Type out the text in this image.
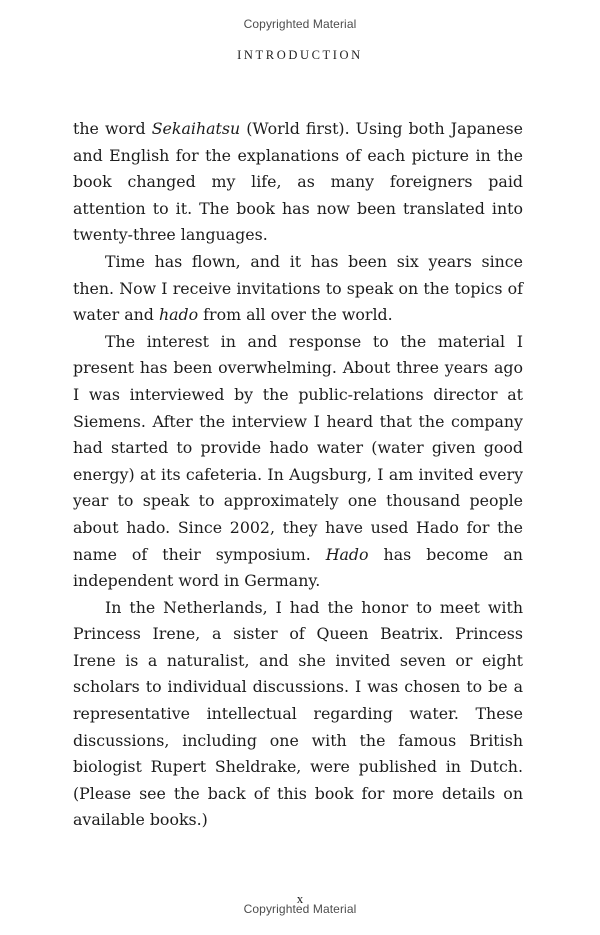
Copyrighted Material
INTRODUCTION

the word Sekaihatsu (World first). Using both Japanese and English for the explanations of each picture in the book changed my life, as many foreigners paid attention to it. The book has now been translated into twenty-three languages.

Time has flown, and it has been six years since then. Now I receive invitations to speak on the topics of water and hado from all over the world.

The interest in and response to the material I present has been overwhelming. About three years ago I was interviewed by the public-relations director at Siemens. After the interview I heard that the company had started to provide hado water (water given good energy) at its cafeteria. In Augsburg, I am invited every year to speak to approximately one thousand people about hado. Since 2002, they have used Hado for the name of their symposium. Hado has become an independent word in Germany.

In the Netherlands, I had the honor to meet with Princess Irene, a sister of Queen Beatrix. Princess Irene is a naturalist, and she invited seven or eight scholars to individual discussions. I was chosen to be a representative intellectual regarding water. These discussions, including one with the famous British biologist Rupert Sheldrake, were published in Dutch. (Please see the back of this book for more details on available books.)

x
Copyrighted Material
